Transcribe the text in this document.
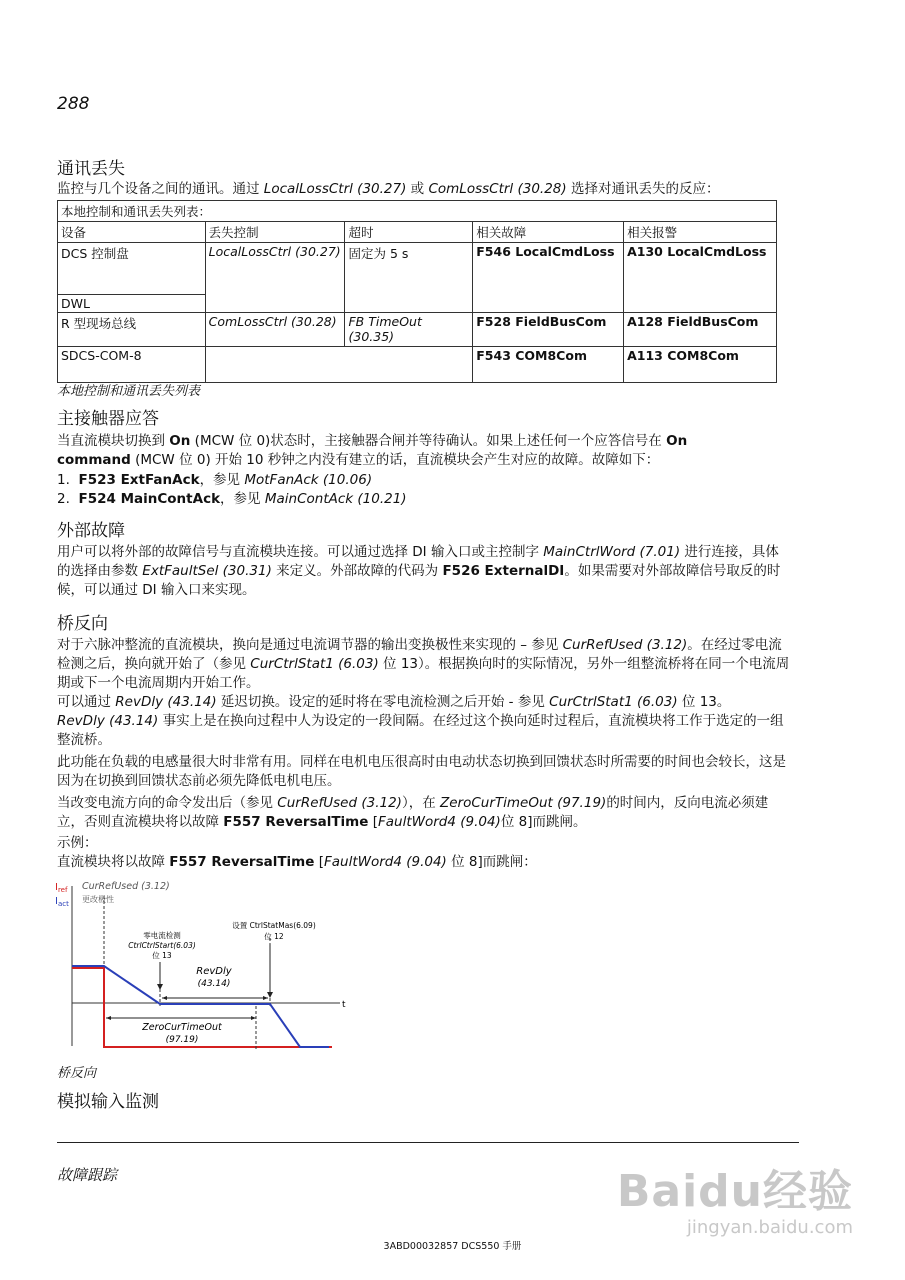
288
通讯丢失

监控与几个设备之间的通讯。通过 LocalLossCtrl (30.27) 或 ComLossCtrl (30.28) 选择对通讯丢失的反应：

本地控制和通讯丢失列表：				
设备	丢失控制	超时	相关故障	相关报警
DCS 控制盘	LocalLossCtrl (30.27)	固定为 5 s	F546 LocalCmdLoss	A130 LocalCmdLoss
DWL				
R 型现场总线	ComLossCtrl (30.28)	FB TimeOut (30.35)	F528 FieldBusCom	A128 FieldBusCom
SDCS-COM-8			F543 COM8Com	A113 COM8Com
本地控制和通讯丢失列表
主接触器应答

当直流模块切换到 On (MCW 位 0)状态时，主接触器合闸并等待确认。如果上述任何一个应答信号在 On
command (MCW 位 0) 开始 10 秒钟之内没有建立的话，直流模块会产生对应的故障。故障如下：

1. F523 ExtFanAck，参见 MotFanAck (10.06)

2. F524 MainContAck，参见 MainContAck (10.21)

外部故障

用户可以将外部的故障信号与直流模块连接。可以通过选择 DI 输入口或主控制字 MainCtrlWord (7.01) 进行连接，具体的选择由参数 ExtFaultSel (30.31) 来定义。外部故障的代码为 F526 ExternalDI。如果需要对外部故障信号取反的时候，可以通过 DI 输入口来实现。

桥反向

对于六脉冲整流的直流模块，换向是通过电流调节器的输出变换极性来实现的 – 参见 CurRefUsed (3.12)。在经过零电流检测之后，换向就开始了（参见 CurCtrlStat1 (6.03) 位 13）。根据换向时的实际情况，另外一组整流桥将在同一个电流周期或下一个电流周期内开始工作。

可以通过 RevDly (43.14) 延迟切换。设定的延时将在零电流检测之后开始 - 参见 CurCtrlStat1 (6.03) 位 13。

RevDly (43.14) 事实上是在换向过程中人为设定的一段间隔。在经过这个换向延时过程后，直流模块将工作于选定的一组整流桥。

此功能在负载的电感量很大时非常有用。同样在电机电压很高时由电动状态切换到回馈状态时所需要的时间也会较长，这是因为在切换到回馈状态前必须先降低电机电压。

当改变电流方向的命令发出后（参见 CurRefUsed (3.12)），在 ZeroCurTimeOut (97.19)的时间内，反向电流必须建立，否则直流模块将以故障 F557 ReversalTime [FaultWord4 (9.04)位 8]而跳闸。

示例：

直流模块将以故障 F557 ReversalTime [FaultWord4 (9.04) 位 8]而跳闸：

t
$I_{ref}$
$I_{act}$
CurRefUsed (3.12)
更改极性
RevDly
(43.14)
ZeroCurTimeOut
(97.19)
零电流检测
CtrlCtrlStart(6.03)
位 13
设置 CtrlStatMas(6.09)
位 12
桥反向
模拟输入监测
故障跟踪
3ABD00032857 DCS550 手册
Baidu经验
jingyan.baidu.com
